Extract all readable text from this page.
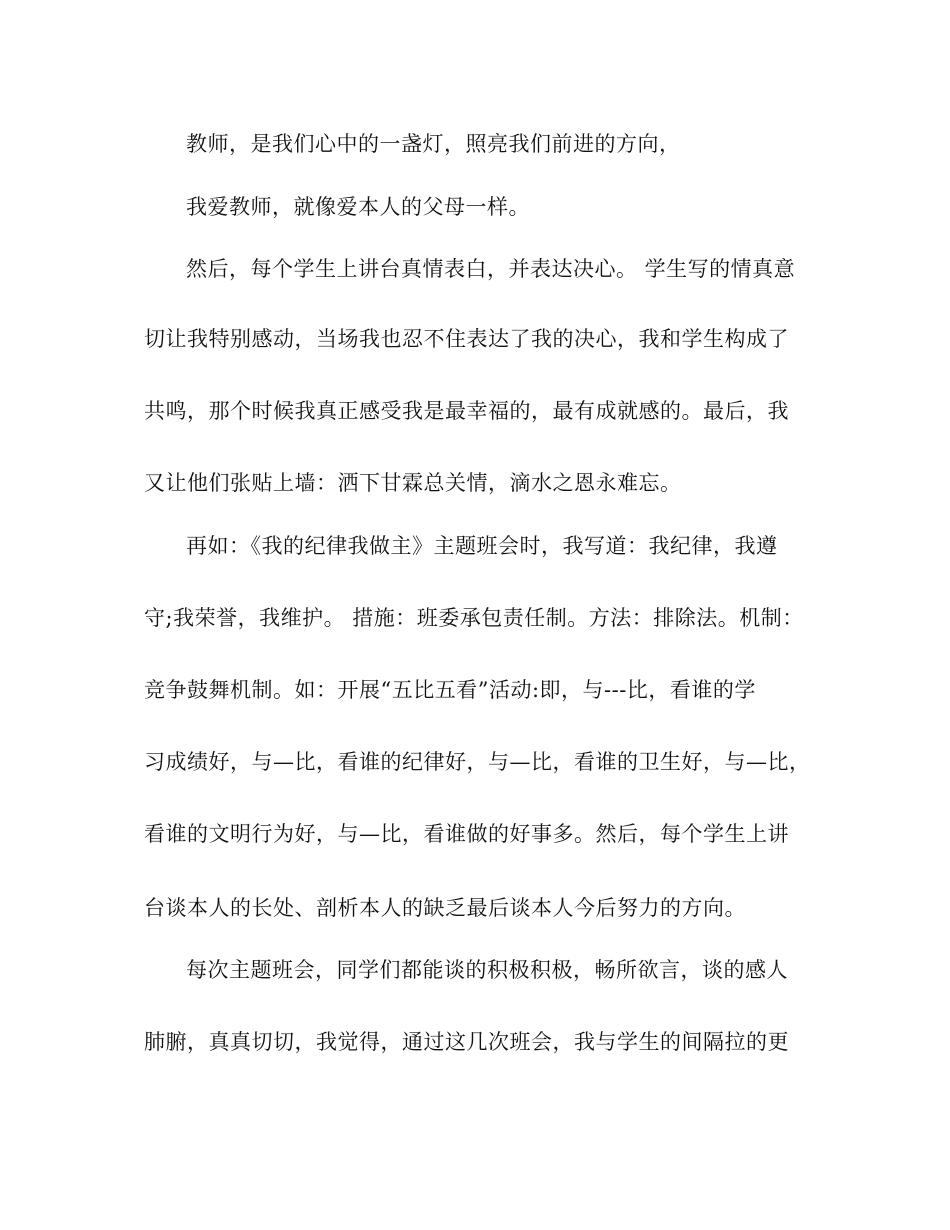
教师，是我们心中的一盏灯，照亮我们前进的方向，
我爱教师，就像爱本人的父母一样。
然后，每个学生上讲台真情表白，并表达决心。 学生写的情真意
切让我特别感动，当场我也忍不住表达了我的决心，我和学生构成了
共鸣，那个时候我真正感受我是最幸福的，最有成就感的。最后，我
又让他们张贴上墙：洒下甘霖总关情，滴水之恩永难忘。
再如：《我的纪律我做主》主题班会时，我写道：我纪律，我遵
守;我荣誉，我维护。 措施：班委承包责任制。方法：排除法。机制：
竞争鼓舞机制。如：开展“五比五看”活动:即，与---比，看谁的学
习成绩好，与—比，看谁的纪律好，与—比，看谁的卫生好，与—比，
看谁的文明行为好，与—比，看谁做的好事多。然后，每个学生上讲
台谈本人的长处、剖析本人的缺乏最后谈本人今后努力的方向。
每次主题班会，同学们都能谈的积极积极，畅所欲言，谈的感人
肺腑，真真切切，我觉得，通过这几次班会，我与学生的间隔拉的更
